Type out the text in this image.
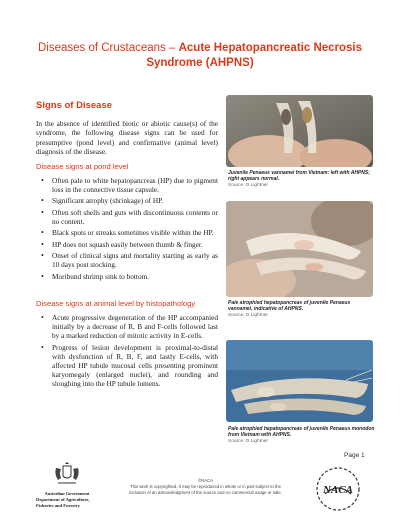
Diseases of Crustaceans – Acute Hepatopancreatic Necrosis
Syndrome (AHPNS)
Signs of Disease

In the absence of identified biotic or abiotic cause(s) of the syndrome, the following disease signs can be used for presumptive (pond level) and confirmative (animal level) diagnosis of the disease.

Disease signs at pond level
• Often pale to white hepatopancreas (HP) due to pigment loss in the connective tissue capsule.
• Significant atrophy (shrinkage) of HP.
• Often soft shells and guts with discontinuous contents or no content.
• Black spots or streaks sometimes visible within the HP.
• HP does not squash easily between thumb & finger.
• Onset of clinical signs and mortality starting as early as 10 days post stocking.
• Moribund shrimp sink to bottom.
Disease signs at animal level by histopathology
• Acute progressive degeneration of the HP accompanied initially by a decrease of R, B and F-cells followed last by a marked reduction of mitotic activity in E-cells.
• Progress of lesion development is proximal-to-distal with dysfunction of R, B, F, and lastly E-cells, with affected HP tubule mucosal cells presenting prominent karyomegaly (enlarged nuclei), and rounding and sloughing into the HP tubule lumens.
Juvenile Penaeus vannamei from Vietnam: left with AHPNS; right appears normal.
Source: D Lightner
Pale atrophied hepatopancreas of juvenile Penaeus vannamei, indicative of AHPNS.
Source: D Lightner
Pale atrophied hepatopancreas of juvenile Penaeus monodon from Vietnam with AHPNS.
Source: D Lightner
Page 1
Australian Government
Department of Agriculture,
Fisheries and Forestry
©NACA
This work is copyrighted. It may be reproduced in whole or in part subject to the
inclusion of an acknowledgment of the source and no commercial usage or sale.	NACA
